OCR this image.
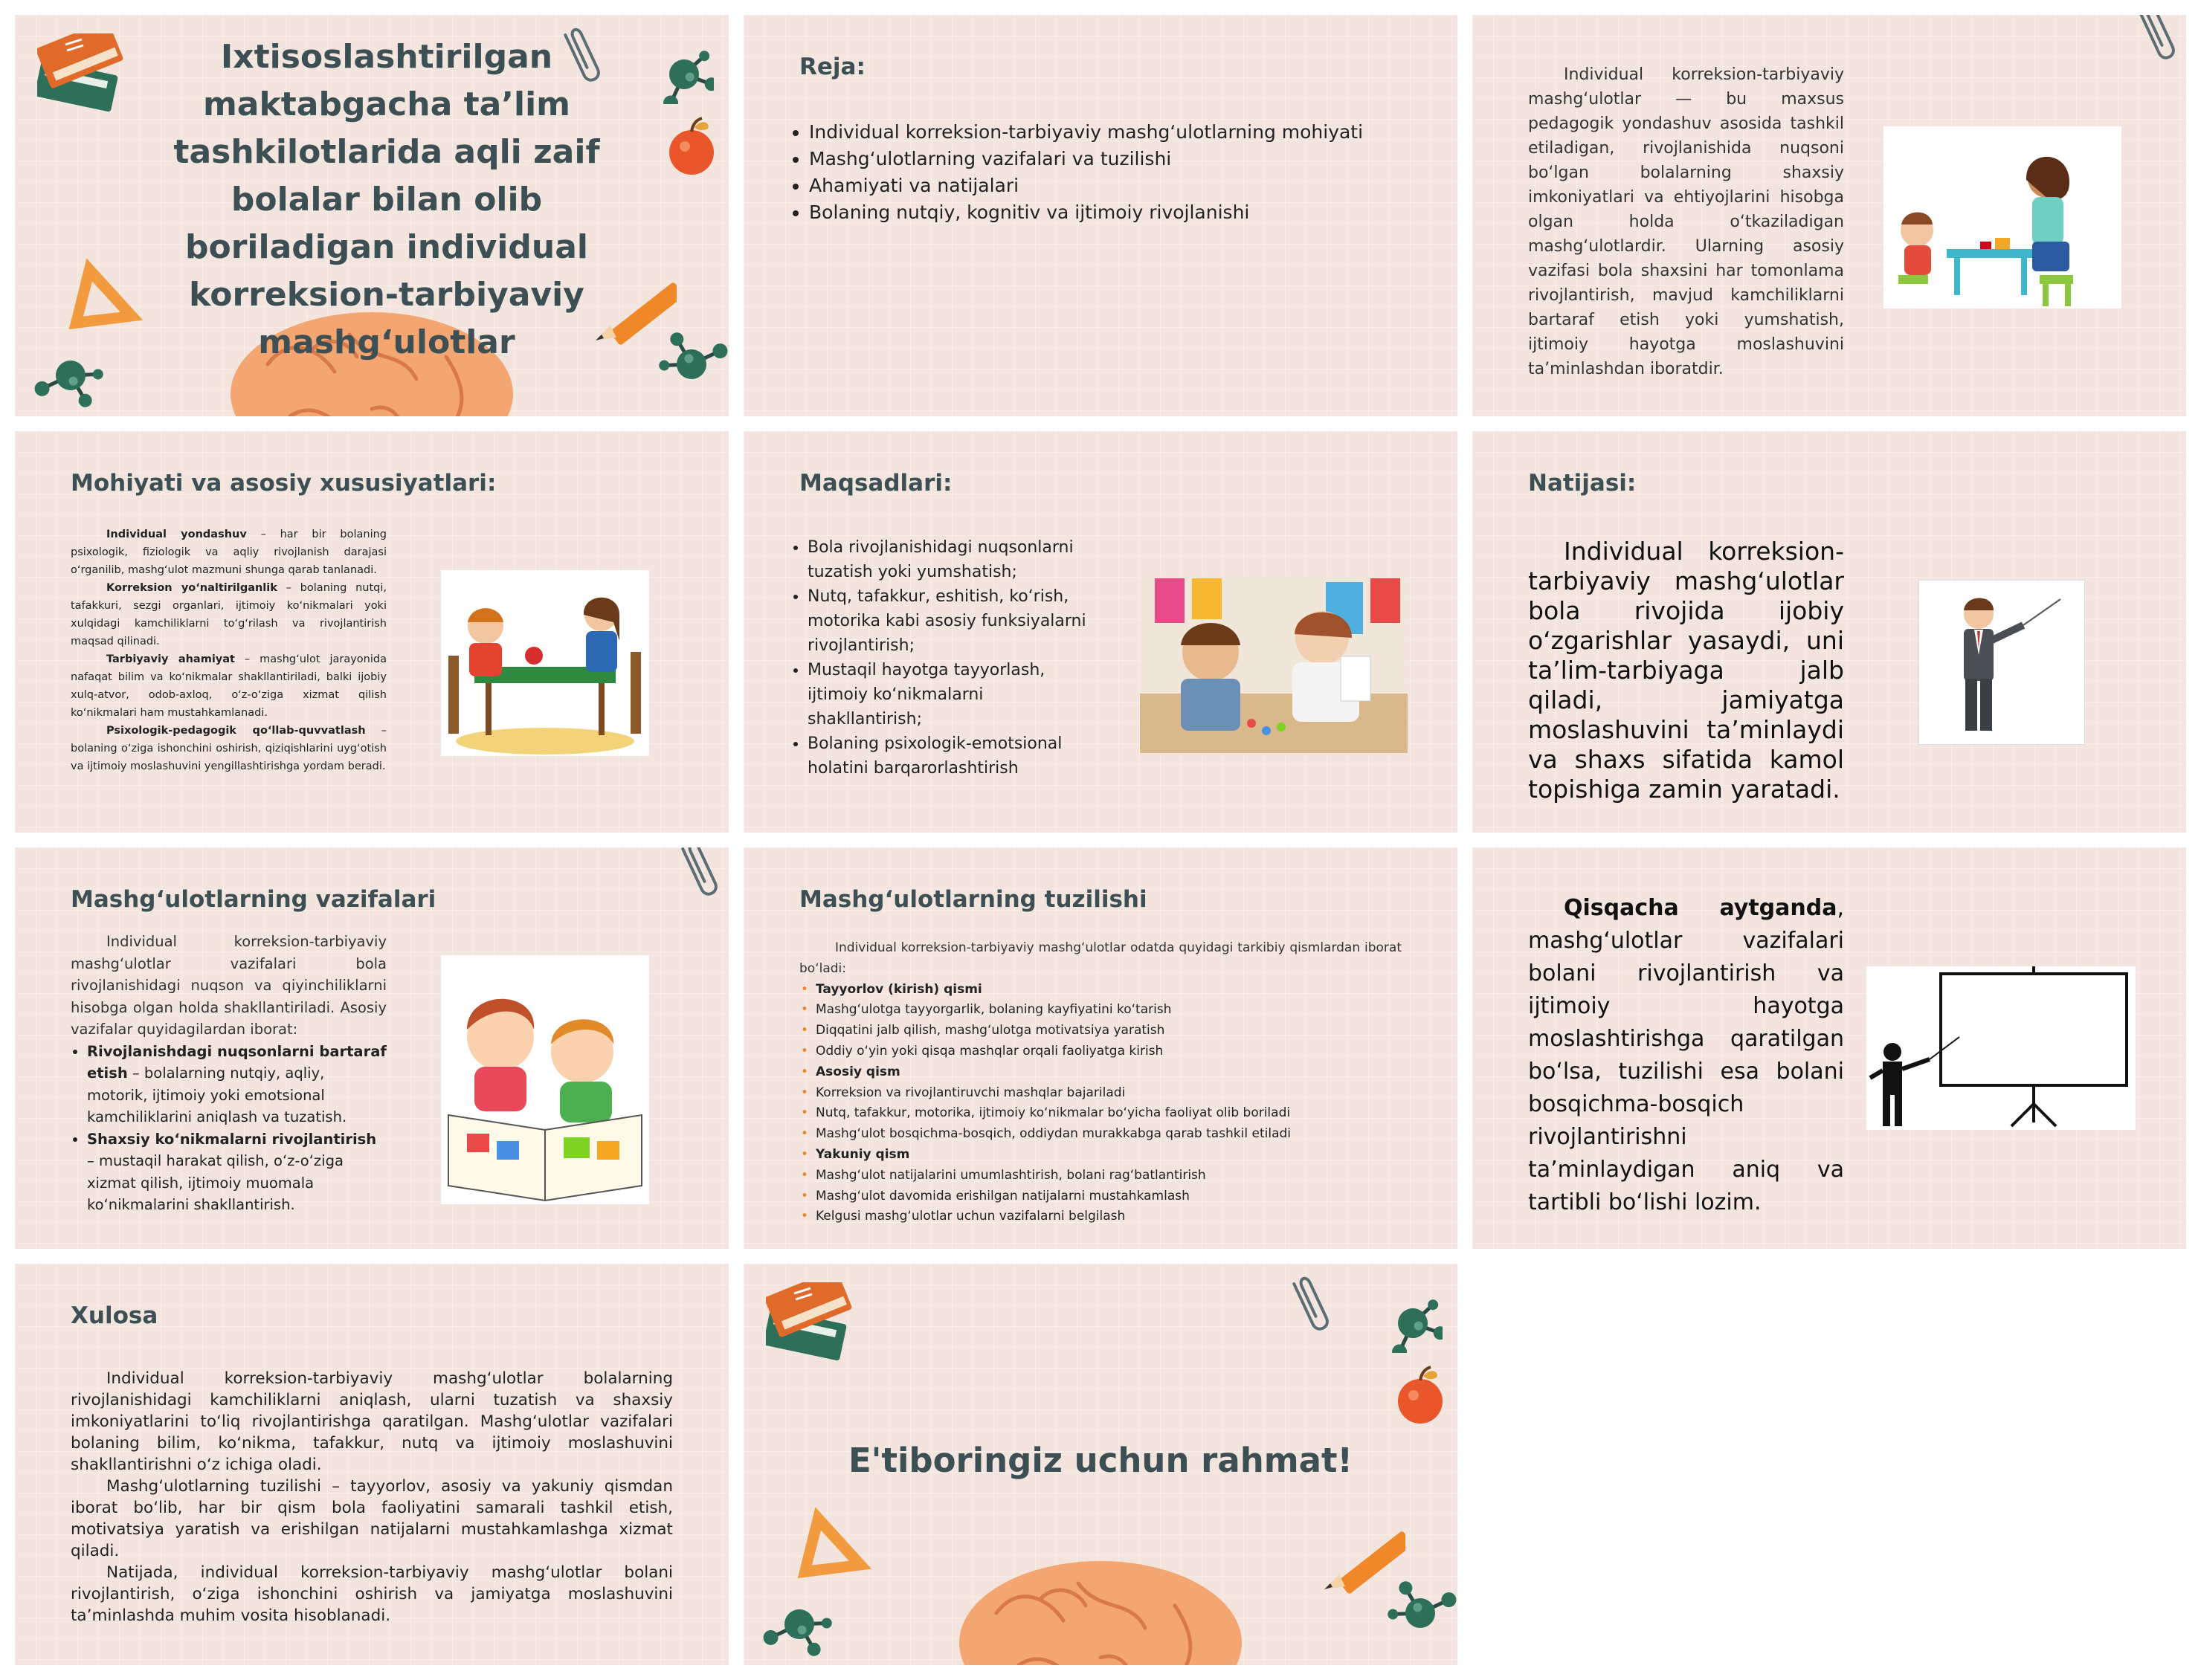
Ixtisoslashtirilgan maktabgacha ta’lim tashkilotlarida aqli zaif bolalar bilan olib boriladigan individual korreksion-tarbiyaviy mashg‘ulotlar
Reja:
• Individual korreksion-tarbiyaviy mashg‘ulotlarning mohiyati
• Mashg‘ulotlarning vazifalari va tuzilishi
• Ahamiyati va natijalari
• Bolaning nutqiy, kognitiv va ijtimoiy rivojlanishi
Individual korreksion-tarbiyaviy mashg‘ulotlar — bu maxsus pedagogik yondashuv asosida tashkil etiladigan, rivojlanishida nuqsoni bo‘lgan bolalarning shaxsiy imkoniyatlari va ehtiyojlarini hisobga olgan holda o‘tkaziladigan mashg‘ulotlardir. Ularning asosiy vazifasi bola shaxsini har tomonlama rivojlantirish, mavjud kamchiliklarni bartaraf etish yoki yumshatish, ijtimoiy hayotga moslashuvini ta’minlashdan iboratdir.
Mohiyati va asosiy xususiyatlari:
Individual yondashuv – har bir bolaning psixologik, fiziologik va aqliy rivojlanish darajasi o‘rganilib, mashg‘ulot mazmuni shunga qarab tanlanadi.
Korreksion yo‘naltirilganlik – bolaning nutqi, tafakkuri, sezgi organlari, ijtimoiy ko‘nikmalari yoki xulqidagi kamchiliklarni to‘g‘rilash va rivojlantirish maqsad qilinadi.
Tarbiyaviy ahamiyat – mashg‘ulot jarayonida nafaqat bilim va ko‘nikmalar shakllantiriladi, balki ijobiy xulq-atvor, odob-axloq, o‘z-o‘ziga xizmat qilish ko‘nikmalari ham mustahkamlanadi.
Psixologik-pedagogik qo‘llab-quvvatlash – bolaning o‘ziga ishonchini oshirish, qiziqishlarini uyg‘otish va ijtimoiy moslashuvini yengillashtirishga yordam beradi.
Maqsadlari:
• Bola rivojlanishidagi nuqsonlarni tuzatish yoki yumshatish;
• Nutq, tafakkur, eshitish, ko‘rish, motorika kabi asosiy funksiyalarni rivojlantirish;
• Mustaqil hayotga tayyorlash, ijtimoiy ko‘nikmalarni shakllantirish;
• Bolaning psixologik-emotsional holatini barqarorlashtirish
Natijasi:
Individual korreksion-tarbiyaviy mashg‘ulotlar bola rivojida ijobiy o‘zgarishlar yasaydi, uni ta’lim-tarbiyaga jalb qiladi, jamiyatga moslashuvini ta’minlaydi va shaxs sifatida kamol topishiga zamin yaratadi.
Mashg‘ulotlarning vazifalari
Individual korreksion-tarbiyaviy mashg‘ulotlar vazifalari bola rivojlanishidagi nuqson va qiyinchiliklarni hisobga olgan holda shakllantiriladi. Asosiy vazifalar quyidagilardan iborat:
• Rivojlanishdagi nuqsonlarni bartaraf etish – bolalarning nutqiy, aqliy, motorik, ijtimoiy yoki emotsional kamchiliklarini aniqlash va tuzatish.
• Shaxsiy ko‘nikmalarni rivojlantirish – mustaqil harakat qilish, o‘z-o‘ziga xizmat qilish, ijtimoiy muomala ko‘nikmalarini shakllantirish.
Mashg‘ulotlarning tuzilishi
Individual korreksion-tarbiyaviy mashg‘ulotlar odatda quyidagi tarkibiy qismlardan iborat bo‘ladi:
• Tayyorlov (kirish) qismi
• Mashg‘ulotga tayyorgarlik, bolaning kayfiyatini ko‘tarish
• Diqqatini jalb qilish, mashg‘ulotga motivatsiya yaratish
• Oddiy o‘yin yoki qisqa mashqlar orqali faoliyatga kirish
• Asosiy qism
• Korreksion va rivojlantiruvchi mashqlar bajariladi
• Nutq, tafakkur, motorika, ijtimoiy ko‘nikmalar bo‘yicha faoliyat olib boriladi
• Mashg‘ulot bosqichma-bosqich, oddiydan murakkabga qarab tashkil etiladi
• Yakuniy qism
• Mashg‘ulot natijalarini umumlashtirish, bolani rag‘batlantirish
• Mashg‘ulot davomida erishilgan natijalarni mustahkamlash
• Kelgusi mashg‘ulotlar uchun vazifalarni belgilash
Qisqacha aytganda, mashg‘ulotlar vazifalari bolani rivojlantirish va ijtimoiy hayotga moslashtirishga qaratilgan bo‘lsa, tuzilishi esa bolani bosqichma-bosqich rivojlantirishni ta’minlaydigan aniq va tartibli bo‘lishi lozim.
Xulosa
Individual korreksion-tarbiyaviy mashg‘ulotlar bolalarning rivojlanishidagi kamchiliklarni aniqlash, ularni tuzatish va shaxsiy imkoniyatlarini to‘liq rivojlantirishga qaratilgan. Mashg‘ulotlar vazifalari bolaning bilim, ko‘nikma, tafakkur, nutq va ijtimoiy moslashuvini shakllantirishni o‘z ichiga oladi.
Mashg‘ulotlarning tuzilishi – tayyorlov, asosiy va yakuniy qismdan iborat bo‘lib, har bir qism bola faoliyatini samarali tashkil etish, motivatsiya yaratish va erishilgan natijalarni mustahkamlashga xizmat qiladi.
Natijada, individual korreksion-tarbiyaviy mashg‘ulotlar bolani rivojlantirish, o‘ziga ishonchini oshirish va jamiyatga moslashuvini ta’minlashda muhim vosita hisoblanadi.
E'tiboringiz uchun rahmat!
